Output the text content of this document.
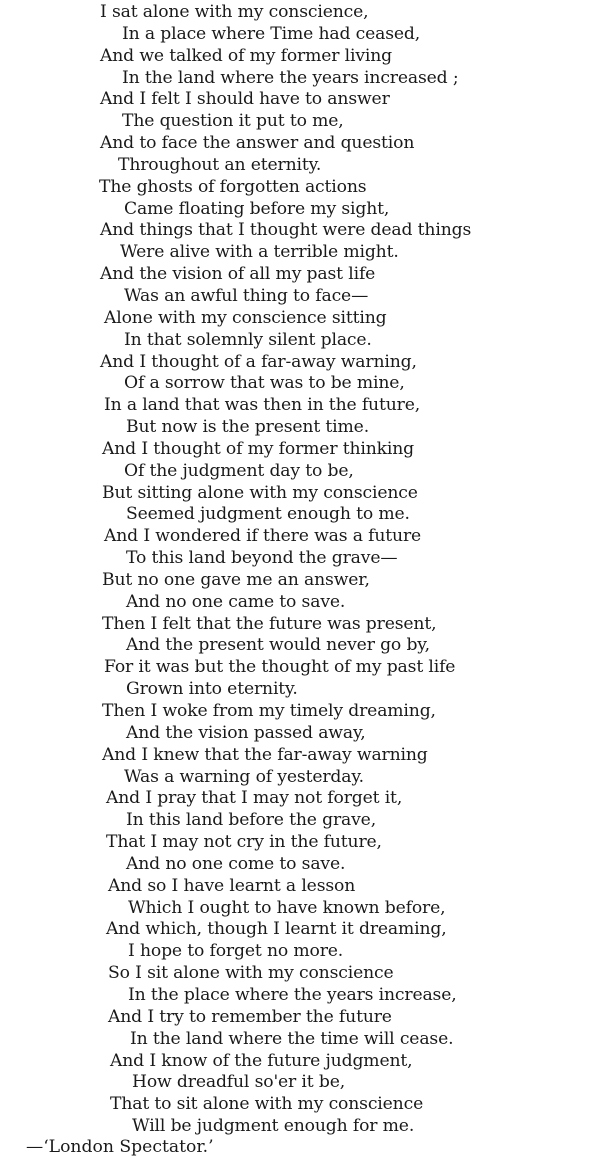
I sat alone with my conscience,
In a place where Time had ceased,
And we talked of my former living
In the land where the years increased ;
And I felt I should have to answer
The question it put to me,
And to face the answer and question
Throughout an eternity.
The ghosts of forgotten actions
Came floating before my sight,
And things that I thought were dead things
Were alive with a terrible might.
And the vision of all my past life
Was an awful thing to face—
Alone with my conscience sitting
In that solemnly silent place.
And I thought of a far-away warning,
Of a sorrow that was to be mine,
In a land that was then in the future,
But now is the present time.
And I thought of my former thinking
Of the judgment day to be,
But sitting alone with my conscience
Seemed judgment enough to me.
And I wondered if there was a future
To this land beyond the grave—
But no one gave me an answer,
And no one came to save.
Then I felt that the future was present,
And the present would never go by,
For it was but the thought of my past life
Grown into eternity.
Then I woke from my timely dreaming,
And the vision passed away,
And I knew that the far-away warning
Was a warning of yesterday.
And I pray that I may not forget it,
In this land before the grave,
That I may not cry in the future,
And no one come to save.
And so I have learnt a lesson
Which I ought to have known before,
And which, though I learnt it dreaming,
I hope to forget no more.
So I sit alone with my conscience
In the place where the years increase,
And I try to remember the future
In the land where the time will cease.
And I know of the future judgment,
How dreadful so'er it be,
That to sit alone with my conscience
Will be judgment enough for me.
—‘London Spectator.’
